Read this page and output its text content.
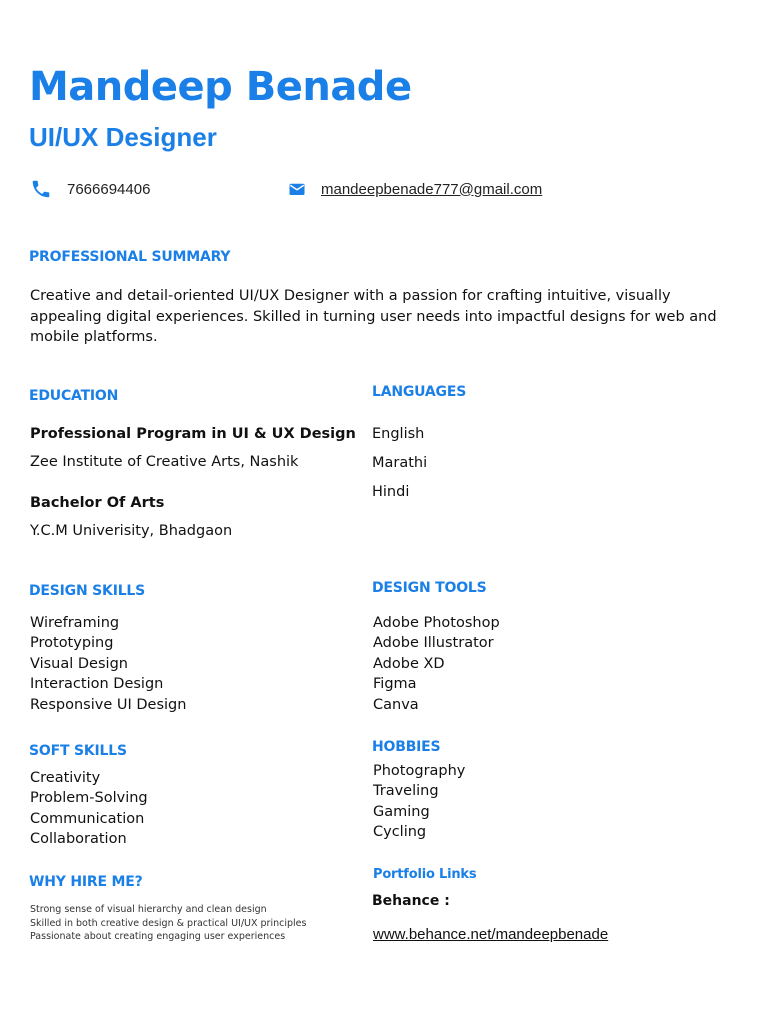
Mandeep Benade
UI/UX Designer
7666694406	mandeepbenade777@gmail.com
PROFESSIONAL SUMMARY
Creative and detail-oriented UI/UX Designer with a passion for crafting intuitive, visually appealing digital experiences. Skilled in turning user needs into impactful designs for web and mobile platforms.
EDUCATION
Professional Program in UI & UX Design
Zee Institute of Creative Arts, Nashik
Bachelor Of Arts
Y.C.M Univerisity, Bhadgaon
LANGUAGES
English
Marathi
Hindi
DESIGN SKILLS
Wireframing
Prototyping
Visual Design
Interaction Design
Responsive UI Design
DESIGN TOOLS
Adobe Photoshop
Adobe Illustrator
Adobe XD
Figma
Canva
SOFT SKILLS
Creativity
Problem-Solving
Communication
Collaboration
HOBBIES
Photography
Traveling
Gaming
Cycling
WHY HIRE ME?
Strong sense of visual hierarchy and clean design
Skilled in both creative design & practical UI/UX principles
Passionate about creating engaging user experiences
Portfolio Links
Behance :
www.behance.net/mandeepbenade
